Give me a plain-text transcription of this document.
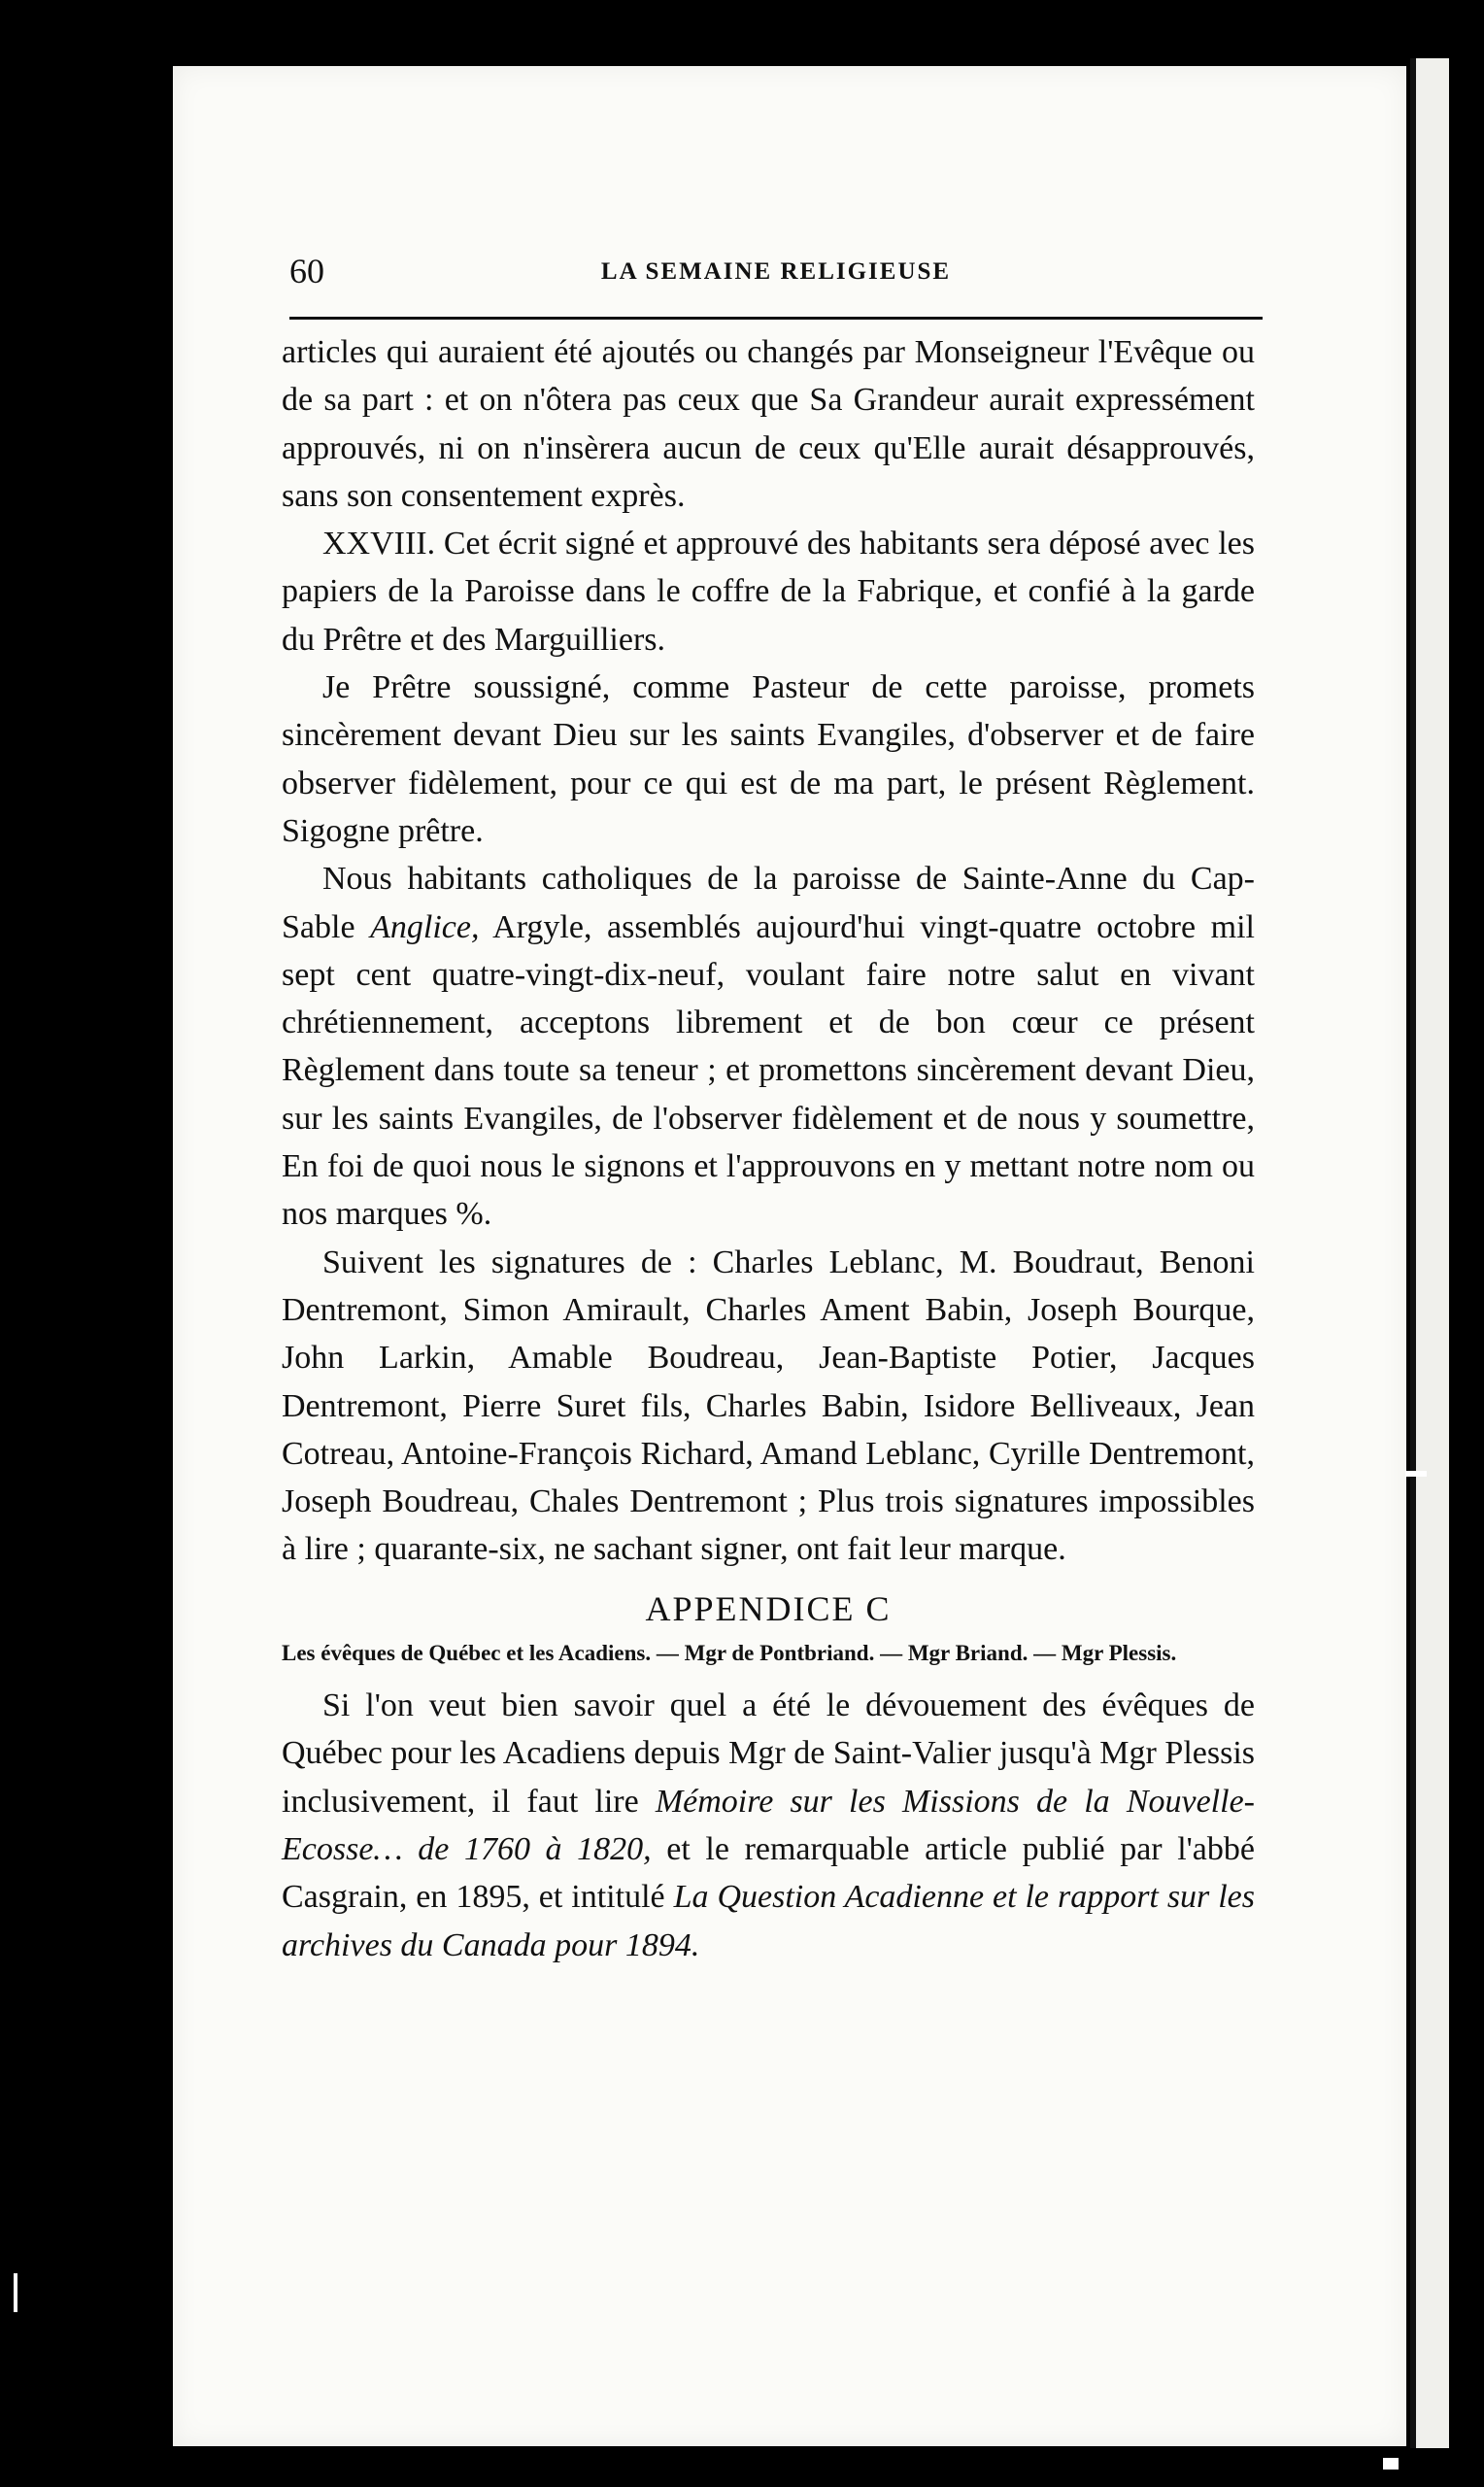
60	LA SEMAINE RELIGIEUSE

articles qui auraient été ajoutés ou changés par Monseigneur l'Evêque ou de sa part : et on n'ôtera pas ceux que Sa Grandeur aurait expressément approuvés, ni on n'insèrera aucun de ceux qu'Elle aurait désapprouvés, sans son consentement exprès.

XXVIII. Cet écrit signé et approuvé des habitants sera déposé avec les papiers de la Paroisse dans le coffre de la Fabrique, et confié à la garde du Prêtre et des Marguilliers.

Je Prêtre soussigné, comme Pasteur de cette paroisse, promets sincèrement devant Dieu sur les saints Evangiles, d'observer et de faire observer fidèlement, pour ce qui est de ma part, le présent Règlement. Sigogne prêtre.

Nous habitants catholiques de la paroisse de Sainte-Anne du Cap-Sable Anglice, Argyle, assemblés aujourd'hui vingt-quatre octobre mil sept cent quatre-vingt-dix-neuf, voulant faire notre salut en vivant chrétiennement, acceptons librement et de bon cœur ce présent Règlement dans toute sa teneur ; et promettons sincèrement devant Dieu, sur les saints Evangiles, de l'observer fidèlement et de nous y soumettre, En foi de quoi nous le signons et l'approuvons en y mettant notre nom ou nos marques %.

Suivent les signatures de : Charles Leblanc, M. Boudraut, Benoni Dentremont, Simon Amirault, Charles Ament Babin, Joseph Bourque, John Larkin, Amable Boudreau, Jean-Baptiste Potier, Jacques Dentremont, Pierre Suret fils, Charles Babin, Isidore Belliveaux, Jean Cotreau, Antoine-François Richard, Amand Leblanc, Cyrille Dentremont, Joseph Boudreau, Chales Dentremont ; Plus trois signatures impossibles à lire ; quarante-six, ne sachant signer, ont fait leur marque.

APPENDICE C

Les évêques de Québec et les Acadiens. — Mgr de Pontbriand. — Mgr Briand. — Mgr Plessis.

Si l'on veut bien savoir quel a été le dévouement des évêques de Québec pour les Acadiens depuis Mgr de Saint-Valier jusqu'à Mgr Plessis inclusivement, il faut lire Mémoire sur les Missions de la Nouvelle-Ecosse… de 1760 à 1820, et le remarquable article publié par l'abbé Casgrain, en 1895, et intitulé La Question Acadienne et le rapport sur les archives du Canada pour 1894.
